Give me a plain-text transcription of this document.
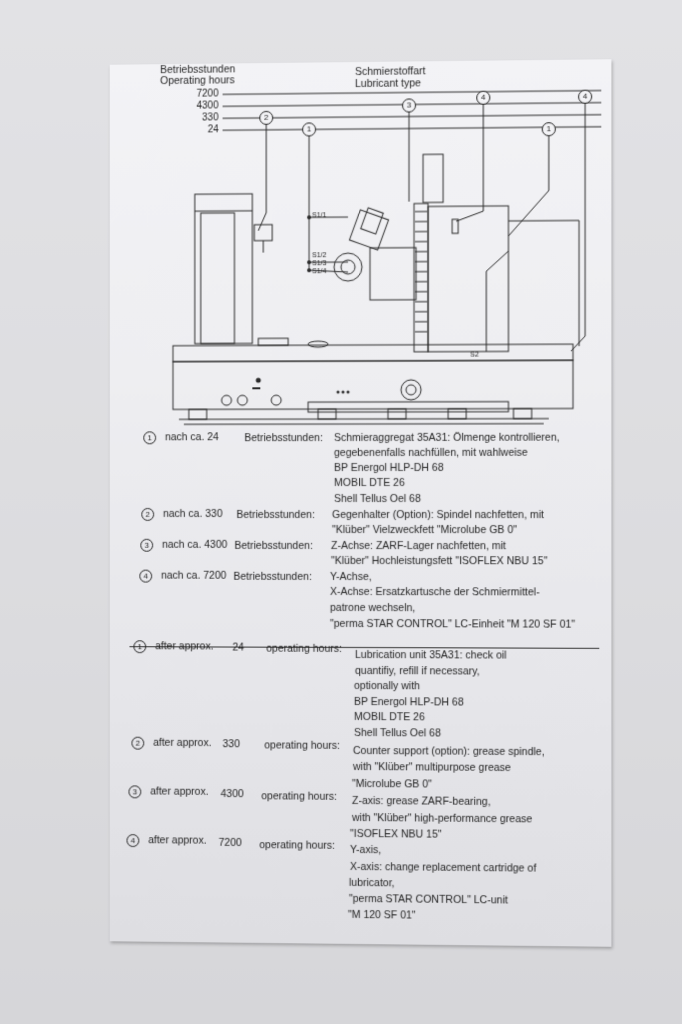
Betriebsstunden
Operating hours
Schmierstoffart
Lubricant type
7200
4300
330
24
S1/1
S1/2
S1/3
S1/4
S2
2
1
3
4	4
1
1 nach ca. 24 Betriebsstunden: Schmieraggregat 35A31: Ölmenge kontrollieren,
gegebenenfalls nachfüllen, mit wahlweise
BP Energol HLP-DH 68
MOBIL DTE 26
Shell Tellus Oel 68
2 nach ca. 330 Betriebsstunden: Gegenhalter (Option): Spindel nachfetten, mit
"Klüber" Vielzweckfett "Microlube GB 0"
3 nach ca. 4300 Betriebsstunden: Z-Achse: ZARF-Lager nachfetten, mit
"Klüber" Hochleistungsfett "ISOFLEX NBU 15"
4 nach ca. 7200 Betriebsstunden: Y-Achse,
X-Achse: Ersatzkartusche der Schmiermittel-
patrone wechseln,
"perma STAR CONTROL" LC-Einheit "M 120 SF 01"
1 after approx. 24 operating hours:
Lubrication unit 35A31: check oil
quantifiy, refill if necessary,
optionally with
BP Energol HLP-DH 68
MOBIL DTE 26
Shell Tellus Oel 68
2 after approx. 330 operating hours: Counter support (option): grease spindle,
with "Klüber" multipurpose grease
"Microlube GB 0"
3 after approx. 4300 operating hours: Z-axis: grease ZARF-bearing,
with "Klüber" high-performance grease
"ISOFLEX NBU 15"
4 after approx. 7200 operating hours: Y-axis,
X-axis: change replacement cartridge of
lubricator,
"perma STAR CONTROL" LC-unit
"M 120 SF 01"
